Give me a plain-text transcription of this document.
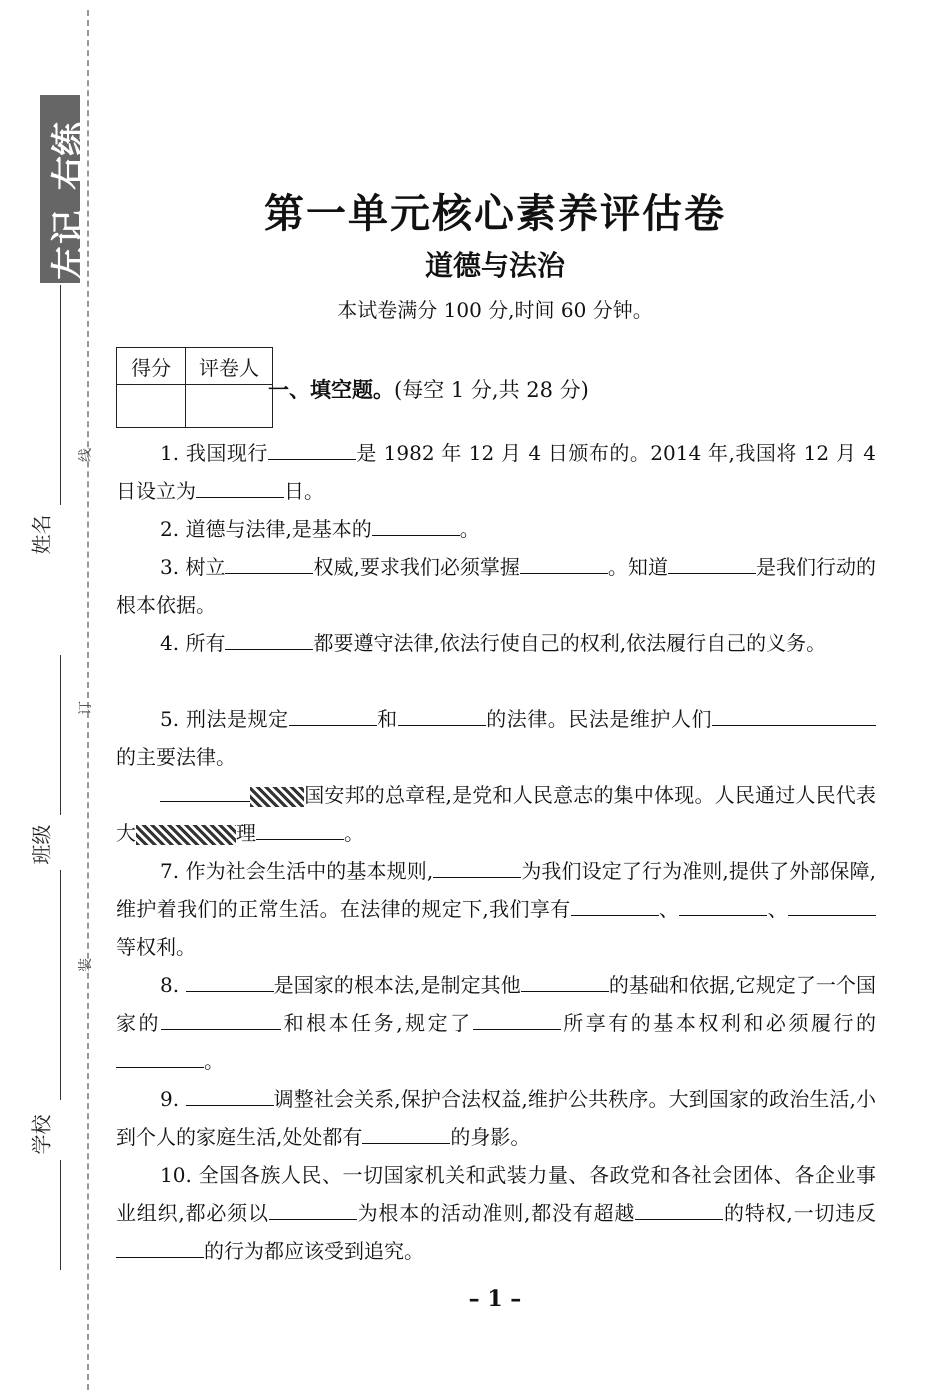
左记
右练
姓名
班级
学校
线
订
装
第一单元核心素养评估卷
道德与法治
本试卷满分 100 分,时间 60 分钟。
得分	评卷人

一、填空题。(每空 1 分,共 28 分)
1. 我国现行	是 1982 年 12 月 4 日颁布的。2014 年,我国将 12 月 4 日设立为	日。
2. 道德与法律,是基本的	。
3. 树立	权威,要求我们必须掌握	。知道	是我们行动的根本依据。
4. 所有	都要遵守法律,依法行使自己的权利,依法履行自己的义务。
5. 刑法是规定	和	的法律。民法是维护人们的主要法律。
国安邦的总章程,是党和人民意志的集中体现。人民通过人民代表大	理	。
7. 作为社会生活中的基本规则,	为我们设定了行为准则,提供了外部保障,维护着我们的正常生活。在法律的规定下,我们享有	、	、等权利。
8.	是国家的根本法,是制定其他	的基础和依据,它规定了一个国家的	和根本任务,规定了	所享有的基本权利和必须履行的。
9.	调整社会关系,保护合法权益,维护公共秩序。大到国家的政治生活,小到个人的家庭生活,处处都有	的身影。
10. 全国各族人民、一切国家机关和武装力量、各政党和各社会团体、各企业事业组织,都必须以	为根本的活动准则,都没有超越	的特权,一切违反的行为都应该受到追究。
– 1 –
